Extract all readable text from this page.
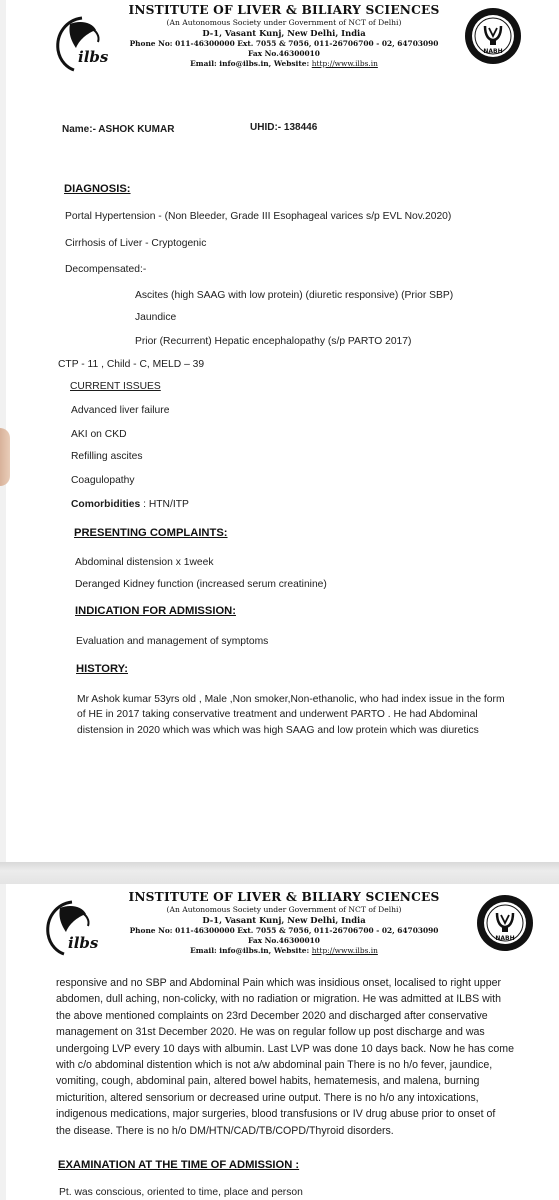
ilbs
INSTITUTE OF LIVER & BILIARY SCIENCES
(An Autonomous Society under Government of NCT of Delhi)
D-1, Vasant Kunj, New Delhi, India
Phone No: 011-46300000 Ext. 7055 & 7056, 011-26706700 - 02, 64703090
Fax No.46300010
Email: info@ilbs.in, Website: http://www.ilbs.in
NABH
Name:- ASHOK KUMAR	UHID:- 138446
DIAGNOSIS:
Portal Hypertension - (Non Bleeder, Grade III Esophageal varices s/p EVL Nov.2020)
Cirrhosis of Liver - Cryptogenic
Decompensated:-
Ascites (high SAAG with low protein) (diuretic responsive) (Prior SBP)
Jaundice
Prior (Recurrent) Hepatic encephalopathy (s/p PARTO 2017)
CTP - 11 , Child - C, MELD – 39
CURRENT ISSUES
Advanced liver failure
AKI on CKD
Refilling ascites
Coagulopathy
Comorbidities : HTN/ITP
PRESENTING COMPLAINTS:
Abdominal distension x 1week
Deranged Kidney function (increased serum creatinine)
INDICATION FOR ADMISSION:
Evaluation and management of symptoms
HISTORY:
Mr Ashok kumar 53yrs old , Male ,Non smoker,Non-ethanolic, who had index issue in the form
of HE in 2017 taking conservative treatment and underwent PARTO . He had Abdominal
distension in 2020 which was which was high SAAG and low protein which was diuretics
ilbs
INSTITUTE OF LIVER & BILIARY SCIENCES
(An Autonomous Society under Government of NCT of Delhi)
D-1, Vasant Kunj, New Delhi, India
Phone No: 011-46300000 Ext. 7055 & 7056, 011-26706700 - 02, 64703090
Fax No.46300010
Email: info@ilbs.in, Website: http://www.ilbs.in
NABH
responsive and no SBP and Abdominal Pain which was insidious onset, localised to right upper
abdomen, dull aching, non-colicky, with no radiation or migration. He was admitted at ILBS with
the above mentioned complaints on 23rd December 2020 and discharged after conservative
management on 31st December 2020. He was on regular follow up post discharge and was
undergoing LVP every 10 days with albumin. Last LVP was done 10 days back. Now he has come
with c/o abdominal distention which is not a/w abdominal pain There is no h/o fever, jaundice,
vomiting, cough, abdominal pain, altered bowel habits, hematemesis, and malena, burning
micturition, altered sensorium or decreased urine output. There is no h/o any intoxications,
indigenous medications, major surgeries, blood transfusions or IV drug abuse prior to onset of
the disease. There is no h/o DM/HTN/CAD/TB/COPD/Thyroid disorders.
EXAMINATION AT THE TIME OF ADMISSION :
Pt. was conscious, oriented to time, place and person
